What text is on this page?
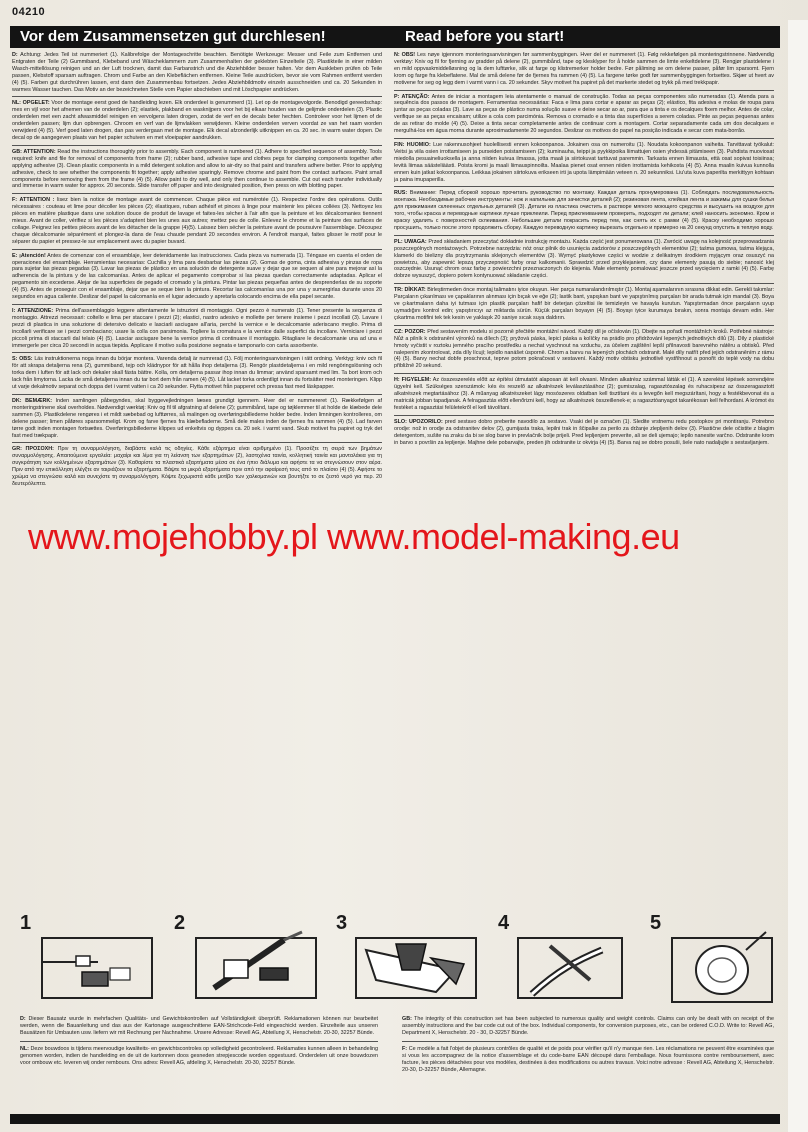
04210
Vor dem Zusammensetzen gut durchlesen!	Read before you start!

D: Achtung: Jedes Teil ist nummeriert (1). Kalibrefolge der Montageschritte beachten. Benötigte Werkzeuge: Messer und Feile zum Entfernen und Entgraten der Teile (2) Gummiband, Klebeband und Wäscheklammern zum Zusammenhalten der geklebten Einzelteile (3). Plastikteile in einer milden Wasch-mittellösung reinigen und an der Luft trocknen, damit das Farbanstrich und die Abziehbilder besser halten. Vor dem Auskleben prüfen ob Teile passen, Klebstoff sparsam auftragen. Chrom und Farbe an den Klebeflächen entfernen. Kleine Teile ausdrücken, bevor sie vom Rahmen entfernt werden (4) (5). Farben gut durchrühren lassen, erst dann den Zusammenbau fortsetzen. Jedes Abziehbildmotiv einzeln ausschneiden und ca. 20 Sekunden in warmes Wasser tauchen. Das Motiv an der bezeichneten Stelle vom Papier abschieben und mit Löschpapier andrücken.

NL: OPGELET: Voor de montage eerst goed de handleiding lezen. Elk onderdeel is genummerd (1). Let op de montagevolgorde. Benodigd gereedschap: mes en vijl voor het afnemen van de onderdelen (2); elastiek, plakband en wasknijpers voor het bij elkaar houden van de gelijmde onderdelen (3). Plastic onderdelen met een zacht afwasmiddel reinigen en vervolgens laten drogen, zodat de verf en de decals beter hechten. Controleer voor het lijmen of de onderdelen passen; lijm dun opbrengen. Chroom en verf van de lijmvlakken verwijderen. Kleine onderdelen verven voordat ze van het raam worden verwijderd (4) (5). Verf goed laten drogen, dan pas verdergaan met de montage. Elk decal afzonderlijk uitknippen en ca. 20 sec. in warm water dopen. De decal op de aangegeven plaats van het papier schuiven en met vloeipapier aandrukken.

GB: ATTENTION: Read the instructions thoroughly prior to assembly. Each component is numbered (1). Adhere to specified sequence of assembly. Tools required: knife and file for removal of components from frame (2); rubber band, adhesive tape and clothes pegs for clamping components together after applying adhesive (3). Clean plastic components in a mild detergent solution and allow to air-dry so that paint and transfers adhere better. Prior to applying adhesive, check to see whether the components fit together; apply adhesive sparingly. Remove chrome and paint from the contact surfaces. Paint small components before removing them from the frame (4) (5). Allow paint to dry well, and only then continue to assemble. Cut out each transfer individually and immerse in warm water for approx. 20 seconds. Slide transfer off paper and into designated position, then press on with blotting paper.

F: ATTENTION : lisez bien la notice de montage avant de commencer. Chaque pièce est numérotée (1). Respectez l'ordre des opérations. Outils nécessaires : couteau et lime pour décoller les pièces (2); élastiques, ruban adhésif et pinces à linge pour maintenir les pièces collées (3). Nettoyez les pièces en matière plastique dans une solution douce de produit de lavage et faites-les sécher à l'air afin que la peinture et les décalcomanies tiennent mieux. Avant de coller, vérifiez si les pièces s'adaptent bien les unes aux autres; mettez peu de colle. Enlevez le chrome et la peinture des surfaces de collage. Peignez les petites pièces avant de les détacher de la grappe (4)(5). Laissez bien sécher la peinture avant de poursuivre l'assemblage. Découpez chaque décalcomanie séparément et plongez-la dans de l'eau chaude pendant 20 secondes environ. A l'endroit marqué, faites glisser le motif pour le séparer du papier et pressez-le sur emplacement avec du papier buvard.

E: ¡Atención! Antes de comenzar con el ensamblaje, leer detenidamente las instrucciones. Cada pieza va numerada (1). Téngase en cuenta el orden de operaciones del ensamblaje. Herramientas necesarias: Cuchilla y lima para desbarbar las piezas (2). Gomas de goma, cinta adhesiva y pinzas de ropa para sujetar las piezas pegadas (3). Lavar las piezas de plástico en una solución de detergente suave y dejar que se sequen al aire para mejorar así la adherencia de la pintura y de las calcomanías. Antes de aplicar el pegamento comprobar si las piezas quedan correctamente adaptadas. Aplicar el pegamento sin excederse. Alejar de las superficies de pegado el cromado y la pintura. Pintar las piezas pequeñas antes de desprenderlas de su soporte (4) (5). Antes de proseguir con el ensamblaje, dejar que se seque bien la pintura. Recortar las calcomanías una por una y sumergirlas durante unos 20 segundos en agua caliente. Deslizar del papel la calcomanía en el lugar adecuado y apretarla colocando encima de ella papel secante.

I: ATTENZIONE: Prima dell'assemblaggio leggere attentamente le istruzioni di montaggio. Ogni pezzo è numerato (1). Tener presente la sequenza di montaggio. Attrezzi necessari: coltello e lima per staccare i pezzi (2); elastici, nastro adesivo e mollette per tenere insieme i pezzi incollati (3). Lavare i pezzi di plastica in una soluzione di detersivo delicato e lasciarli asciugare all'aria, perché la vernice e le decalcomanie aderiscano meglio. Prima di incollarli verificare se i pezzi combaciano; usare la colla con parsimonia. Togliere la cromatura e la vernice dalle superfici da incollare. Verniciare i pezzi piccoli prima di staccarli dal telaio (4) (5). Lasciar asciugare bene la vernice prima di continuare il montaggio. Ritagliare le decalcomanie una ad una e immergerle per circa 20 secondi in acqua tiepida. Applicare il motivo sulla posizione segnata e tamponarlo con carta assorbente.

S: OBS: Läs instruktionerna noga innan du börjar montera. Varenda detalj är numrerad (1). Följ monteringsanvisningen i rätt ordning. Verktyg: kniv och fil för att skrapa detaljerna rena (2), gummiband, tejp och klädnypor för att hålla ihop detaljerna (3). Rengör plastdetaljerna i en mild rengöringslösning och torka dem i luften för att lack och dekaler skall fästa bättre. Kolla, om detaljerna passar ihop innan du limmar; använd sparsamt med lim. Ta bort krom och lack från limytorna. Lacka de små detaljerna innan du tar bort dem från ramen (4) (5). Låt lacket torka ordentligt innan du fortsätter med monteringen. Klipp ut varje dekalmotiv separat och doppa det i varmt vatten i ca 20 sekunder. Flytta motivet från papperet och pressa fast med läskpapper.

DK: BEMÆRK: Inden samlingen påbegyndes, skal byggevejledningen læses grundigt igennem. Hver del er nummereret (1). Rækkefølgen af monteringstrinene skal overholdes. Nødvendigt værktøj: Kniv og fil til afgratning af delene (2); gummibånd, tape og tøjklemmer til at holde de klæbede dele sammen (3). Plastikdelene rengøres i et mildt sæbebad og lufttørres, så malingen og overføringsbillederne holder bedre. Inden limningen kontrolleres, om delene passer; limen påføres sparsommeligt. Krom og farve fjernes fra klæbefladerne. Små dele males inden de fjernes fra rammen (4) (5). Lad farven tørre godt inden montagen fortsættes. Overføringsbillederne klippes ud enkeltvis og dyppes ca. 20 sek. i varmt vand. Skub motivet fra papiret og tryk det fast med trækpapir.

GR: ΠΡΟΣΟΧΗ: Πριν τη συναρμολόγηση, διαβάστε καλά τις οδηγίες. Κάθε εξάρτημα είναι αριθμημένο (1). Προσέξτε τη σειρά των βημάτων συναρμολόγησης. Απαιτούμενα εργαλεία: μαχαίρι και λίμα για τη λείανση των εξαρτημάτων (2), λαστιχένια ταινία, κολλητική ταινία και μανταλάκια για τη συγκράτηση των κολλημένων εξαρτημάτων (3). Καθαρίστε τα πλαστικά εξαρτήματα μέσα σε ένα ήπιο διάλυμα και αφήστε τα να στεγνώσουν στον αέρα. Πριν από την επικόλληση ελέγξτε αν ταιριάζουν τα εξαρτήματα. Βάψτε τα μικρά εξαρτήματα πριν από την αφαίρεσή τους από το πλαίσιο (4) (5). Αφήστε το χρώμα να στεγνώσει καλά και συνεχίστε τη συναρμολόγηση. Κόψτε ξεχωριστά κάθε μοτίβο των χαλκομανιών και βουτήξτε το σε ζεστό νερό για περ. 20 δευτερόλεπτα.

N: OBS! Les nøye igjennom monteringsanvisningen før sammenbyggingen. Hver del er nummerert (1). Følg rekkefølgen på monteringstrinnene. Nødvendig verktøy: Kniv og fil for fjerning av gradder på delene (2), gummibånd, tape og klesklyper for å holde sammen de limte enkeltdelene (3). Rengjør plastdelene i en mild oppvaskmiddelløsning og la dem lufttørke, slik at farge og klistremerker holder bedre. Før påliming se om delene passer, påfør lim sparsomt. Fjern krom og farge fra klebeflatene. Mal de små delene før de fjernes fra rammen (4) (5). La fargene tørke godt før sammenbyggingen fortsettes. Skjær ut hvert av motivene for seg og legg dem i varmt vann i ca. 20 sekunder. Skyv motivet fra papiret på det markerte stedet og trykk på med trekkpapir.

P: ATENÇÃO: Antes de iniciar a montagem leia atentamente o manual de construção. Todas as peças componentes são numeradas (1). Atenda para a sequência dos passos de montagem. Ferramentas necessárias: Faca e lima para cortar e aparar as peças (2); elástico, fita adesiva e molas de roupa para juntar as peças coladas (3). Lave as peças de plástico numa solução suave e deixe secar ao ar, para que a tinta e os decalques fixem melhor. Antes de colar, verifique se as peças encaixam; utilize a cola com parcimónia. Remova o cromado e a tinta das superfícies a serem coladas. Pinte as peças pequenas antes de as retirar do molde (4) (5). Deixe a tinta secar completamente antes de continuar com a montagem. Cortar separadamente cada um dos decalques e mergulhá-los em água morna durante aproximadamente 20 segundos. Deslizar os motivos do papel na posição indicada e secar com mata-borrão.

FIN: HUOMIO: Lue rakennusohjeet huolellisesti ennen kokoonpanoa. Jokainen osa on numeroitu (1). Noudata kokoonpanon vaiheita. Tarvittavat työkalut: Veitsi ja viila osien irrottamiseen ja purseiden poistamiseen (2); kuminauha, teippi ja pyykkipoika liimattujen osien yhdessä pitämiseen (3). Puhdista muoviosat miedolla pesuaineliuoksella ja anna niiden kuivua ilmassa, jotta maali ja siirtokuvat tarttuvat paremmin. Tarkasta ennen liimausta, että osat sopivat toisiinsa; levitä liimaa säästeliäästi. Poista kromi ja maali liimauspinnoilta. Maalaa pienet osat ennen niiden irrottamista kehikosta (4) (5). Anna maalin kuivua kunnolla ennen kuin jatkat kokoonpanoa. Leikkaa jokainen siirtokuva erikseen irti ja upota lämpimään veteen n. 20 sekunniksi. Liu'uta kuva paperilta merkittyyn kohtaan ja paina imupaperilla.

RUS: Внимание: Перед сборкой хорошо прочитать руководство по монтажу. Каждая деталь пронумерована (1). Соблюдать последовательность монтажа. Необходимые рабочие инструменты: нож и напильник для зачистки деталей (2); резиновая лента, клейкая лента и зажимы для сушки белья для прижимания склеенных отдельных деталей (3). Детали из пластика очистить в растворе мягкого моющего средства и высушить на воздухе для того, чтобы краска и переводные картинки лучше приклеили. Перед приклеиванием проверить, подходят ли детали; клей наносить экономно. Кром и краску удалить с поверхностей склеивания. Небольшие детали покрасить перед тем, как снять их с рамки (4) (5). Краску необходимо хорошо просушить, только после этого продолжить сборку. Каждую переводную картинку вырезать отдельно и примерно на 20 секунд опустить в теплую воду.

PL: UWAGA: Przed składaniem przeczytać dokładnie instrukcję montażu. Każda część jest ponumerowana (1). Zwrócić uwagę na kolejność przeprowadzania poszczególnych montażowych. Potrzebne narzędzia: nóż oraz pilnik do usunięcia zadziorów z poszczególnych elementów (2); taśma gumowa, taśma klejąca, klamerki do bielizny dla przytrzymania sklejonych elementów (3). Wymyć plastykowe części w wodzie z delikatnym środkiem myjącym oraz osuszyć na powietrzu, aby zapewnić lepszą przyczepność farby oraz kalkomanii. Sprawdzić przed przyklejaniem, czy dane elementy pasują do siebie; nanosić klej oszczędnie. Usunąć chrom oraz farbę z powierzchni przeznaczonych do klejenia. Małe elementy pomalować jeszcze przed wycięciem z ramki (4) (5). Farbę dobrze wysuszyć, dopiero potem kontynuować składanie części.

TR: DİKKAT: Birleştirmeden önce montaj talimatını iyice okuyun. Her parça numaralandırılmıştır (1). Montaj aşamalarının sırasına dikkat edin. Gerekli takımlar: Parçaların çıkarılması ve çapaklarının alınması için bıçak ve eğe (2); lastik bant, yapışkan bant ve yapıştırılmış parçaları bir arada tutmak için mandal (3). Boya ve çıkartmaların daha iyi tutması için plastik parçaları hafif bir deterjan çözeltisi ile temizleyin ve havayla kurutun. Yapıştırmadan önce parçaların uyup uymadığını kontrol edin; yapıştırıcıyı az miktarda sürün. Küçük parçaları boyayın (4) (5). Boyayı iyice kurumaya bırakın, sonra montaja devam edin. Her çıkartma motifini tek tek kesin ve yaklaşık 20 saniye sıcak suya daldırın.

CZ: POZOR: Před sestavením modelu si pozorně přečtěte montážní návod. Každý díl je očíslován (1). Dbejte na pořadí montážních kroků. Potřebné nástroje: Nůž a pilník k odstranění výronků na dílech (3); pryžová páska, lepicí páska a kolíčky na prádlo pro přidržování lepených jednotlivých dílů (3). Díly z plastické hmoty vyčistit v roztoku jemného pracího prostředku a nechat vyschnout na vzduchu, za účelem zajištění lepší přilnavosti barevného nátěru a obtisků. Před nalepením zkontrolovat, zda díly lícují; lepidlo nanášet úsporně. Chrom a barvu na lepených plochách odstranit. Malé díly natřít před jejich odstraněním z rámu (4) (5). Barvy nechat dobře proschnout, teprve potom pokračovat v sestavení. Každý motiv obtisku jednotlivě vystřihnout a ponořit do teplé vody na dobu přibližně 20 sekund.

H: FIGYELEM: Az összeszerelés előtt az építési útmutatót alaposan át kell olvasni. Minden alkatrész számmal látták el (1). A szerelési lépések sorrendjére ügyelni kell. Szükséges szerszámok: kés és reszelő az alkatrészek leválasztásához (2); gumiszalag, ragasztószalag és ruhacsipesz az összeragasztott alkatrészek megtartásához (3). A műanyag alkatrészeket lágy mosószeres oldatban kell tisztítani és a levegőn kell megszárítani, hogy a festékbevonat és a matricák jobban tapadjanak. A felragasztás előtt ellenőrizni kell, hogy az alkatrészek összeillenek-e; a ragasztóanyagot takarékosan kell felhordani. A krómot és festéket a ragasztási felületekről el kell távolítani.

SLO: UPOZORILO: pred sestavo dobro preberite navodilo za sestavo. Vsaki del je označen (1). Sledite vrstnemu redu postopkov pri montiranju. Potrebno orodje: nož in orodje za odstranitev delov (2), gumijasta traka, lepilni trak in ščipalke za perilo za držanje zlepljenih delov (3). Plastične dele očistite z blagim detergentom, sušite na zraku da bi se slog barve in prevlačnik bolje prijeli. Pred lepljenjem preverite, ali se deli ujemajo; lepilo nanesite varčno. Odstranite krom in barvo s površin za lepljenje. Majhne dele pobarvajte, preden jih odstranite iz okvirja (4) (5). Barva naj se dobro posuši, šele nato nadaljujte s sestavljanjem.

www.mojehobby.pl www.model-making.eu
1	2	3	4	5

D: Dieser Bausatz wurde in mehrfachen Qualitäts- und Gewichtskontrollen auf Vollständigkeit überprüft. Reklamationen können nur bearbeitet werden, wenn die Bauanleitung und das aus der Kartonage ausgeschnittene EAN-Strichcode-Feld eingeschickt werden. Einzelteile aus unseren Bausätzen für Umbauten usw. liefern wir mit Rechnung per Nachnahme. Unsere Adresse: Revell AG, Abteilung X, Henschelstr. 20-30, 32257 Bünde.

NL: Deze bouwdoos is tijdens meervoudige kwaliteits- en gewichtscontroles op volledigheid gecontroleerd. Reklamaties kunnen alleen in behandeling genomen worden, indien de handleiding en de uit de kartonnen doos gesneden strepjescode worden opgestuurd. Onderdelen uit onze bouwdozen voor ombouw etc. leveren wij onder rembours. Ons adres: Revell AG, afdeling X, Henschelstr. 20-30, 32257 Bünde.

GB: The integrity of this construction set has been subjected to numerous quality and weight controls. Claims can only be dealt with on receipt of the assembly instructions and the bar code cut out of the box. Individual components, for conversion purposes, etc., can be ordered C.O.D. Write to: Revell AG, Department X, Henschelstr. 20 - 30, D-32257 Bünde.

F: Ce modèle a fait l'objet de plusieurs contrôles de qualité et de poids pour vérifier qu'il n'y manque rien. Les réclamations ne peuvent être examinées que si vous les accompagnez de la notice d'assemblage et du code-barre EAN découpé dans l'emballage. Nous fournissons contre remboursement, avec facture, les pièces détachées pour vos modèles, destinées à des modifications ou autres travaux. Voici notre adresse : Revell AG, Abteilung X, Henschelstr. 20-30, D-32257 Bünde, Allemagne.
